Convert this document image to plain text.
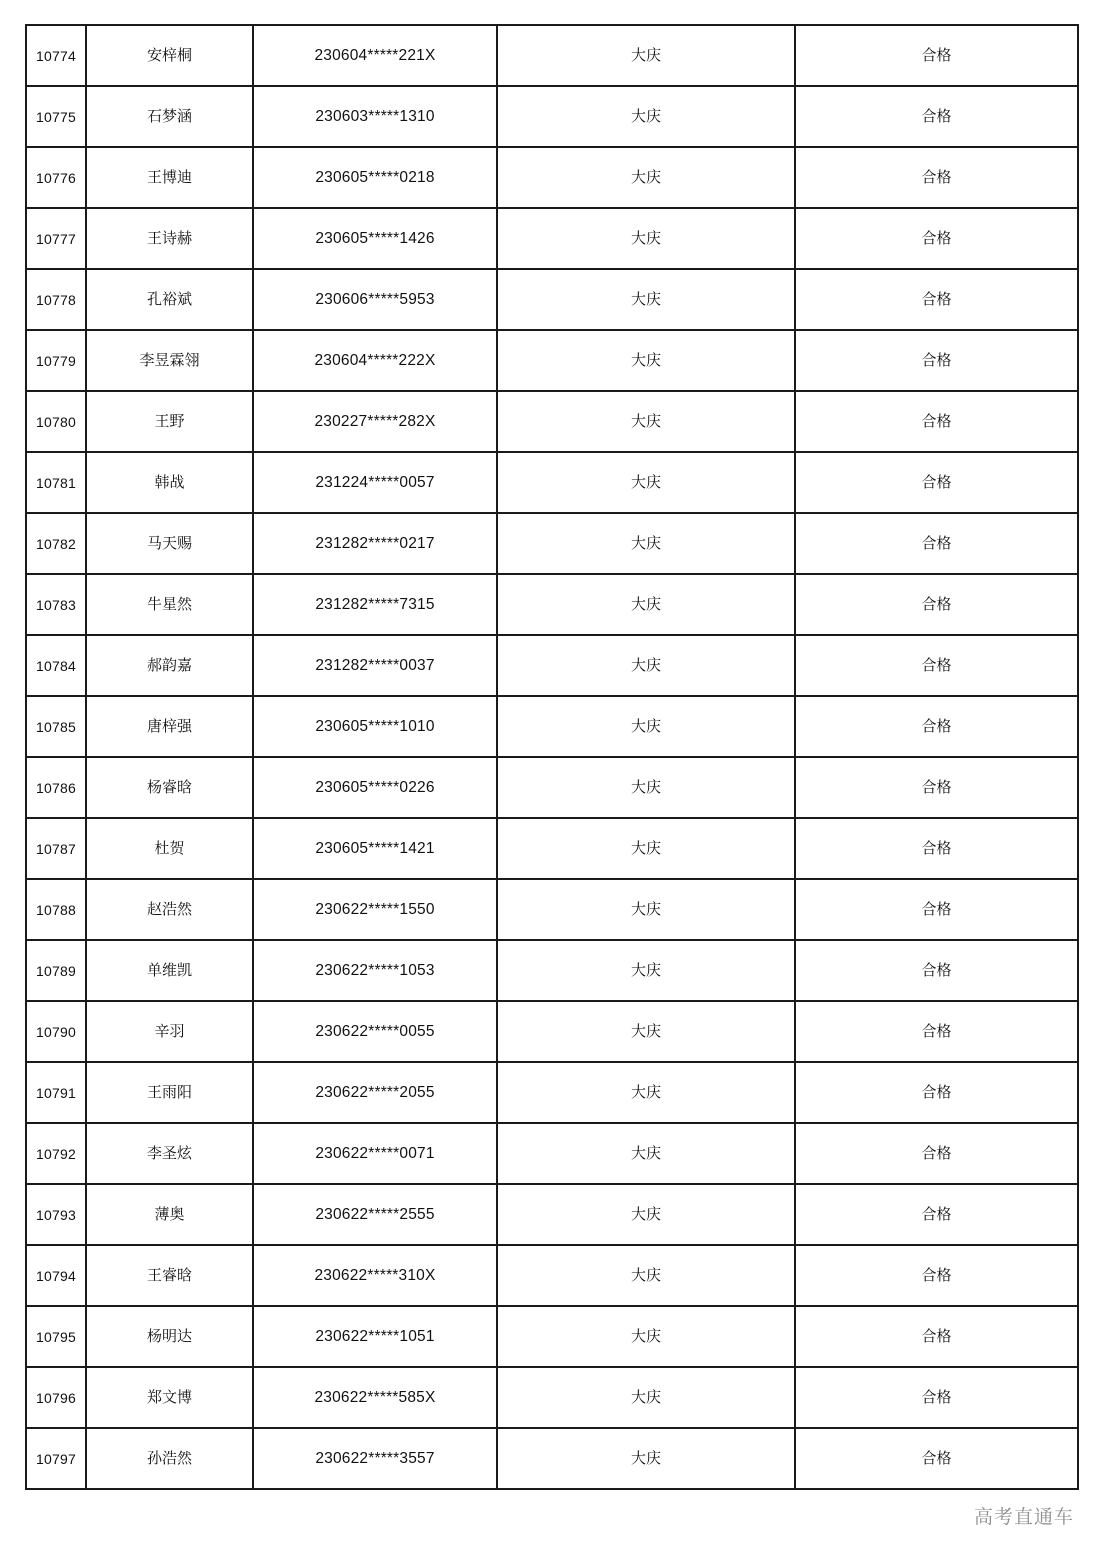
10774	安梓桐	230604*****221X	大庆	合格
10775	石梦涵	230603*****1310	大庆	合格
10776	王博迪	230605*****0218	大庆	合格
10777	王诗赫	230605*****1426	大庆	合格
10778	孔裕斌	230606*****5953	大庆	合格
10779	李昱霖翎	230604*****222X	大庆	合格
10780	王野	230227*****282X	大庆	合格
10781	韩战	231224*****0057	大庆	合格
10782	马天赐	231282*****0217	大庆	合格
10783	牛星然	231282*****7315	大庆	合格
10784	郝韵嘉	231282*****0037	大庆	合格
10785	唐梓强	230605*****1010	大庆	合格
10786	杨睿晗	230605*****0226	大庆	合格
10787	杜贺	230605*****1421	大庆	合格
10788	赵浩然	230622*****1550	大庆	合格
10789	单维凯	230622*****1053	大庆	合格
10790	辛羽	230622*****0055	大庆	合格
10791	王雨阳	230622*****2055	大庆	合格
10792	李圣炫	230622*****0071	大庆	合格
10793	薄奥	230622*****2555	大庆	合格
10794	王睿晗	230622*****310X	大庆	合格
10795	杨明达	230622*****1051	大庆	合格
10796	郑文博	230622*****585X	大庆	合格
10797	孙浩然	230622*****3557	大庆	合格
高考直通车
